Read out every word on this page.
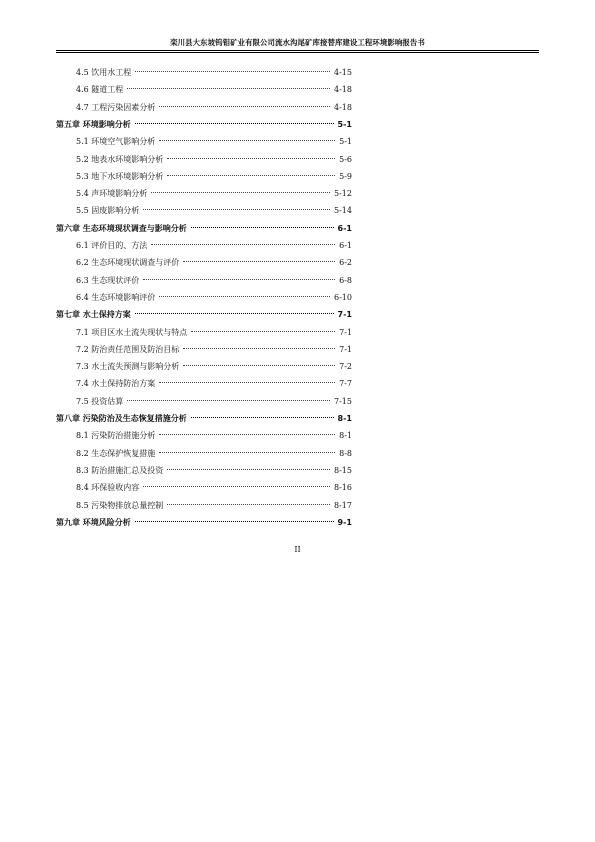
栾川县大东坡钨钼矿业有限公司流水沟尾矿库接替库建设工程环境影响报告书
4.5 饮用水工程	4-15
4.6 隧道工程	4-18
4.7 工程污染因素分析	4-18
第五章 环境影响分析	5-1
5.1 环境空气影响分析	5-1
5.2 地表水环境影响分析	5-6
5.3 地下水环境影响分析	5-9
5.4 声环境影响分析	5-12
5.5 固废影响分析	5-14
第六章 生态环境现状调查与影响分析	6-1
6.1 评价目的、方法	6-1
6.2 生态环境现状调查与评价	6-2
6.3 生态现状评价	6-8
6.4 生态环境影响评价	6-10
第七章 水土保持方案	7-1
7.1 项目区水土流失现状与特点	7-1
7.2 防治责任范围及防治目标	7-1
7.3 水土流失预测与影响分析	7-2
7.4 水土保持防治方案	7-7
7.5 投资估算	7-15
第八章 污染防治及生态恢复措施分析	8-1
8.1 污染防治措施分析	8-1
8.2 生态保护恢复措施	8-8
8.3 防治措施汇总及投资	8-15
8.4 环保验收内容	8-16
8.5 污染物排放总量控制	8-17
第九章 环境风险分析	9-1
II
